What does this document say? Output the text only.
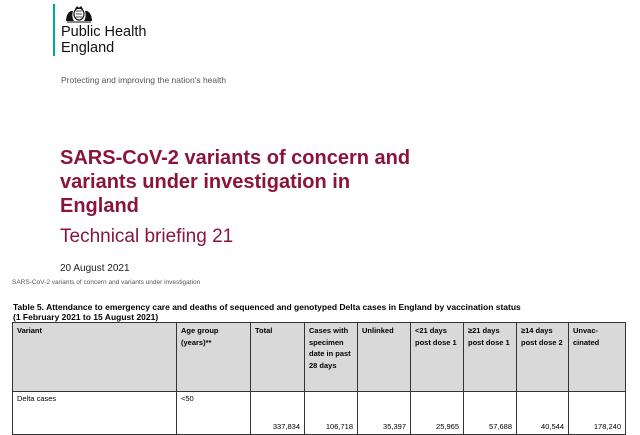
Public Health
England
Protecting and improving the nation's health
SARS-CoV-2 variants of concern and
variants under investigation in
England
Technical briefing 21
20 August 2021
SARS-CoV-2 variants of concern and variants under investigation
Table 5. Attendance to emergency care and deaths of sequenced and genotyped Delta cases in England by vaccination status
(1 February 2021 to 15 August 2021)
Variant	Age group (years)**	Total	Cases with specimen date in past 28 days	Unlinked	<21 days post dose 1	≥21 days post dose 1	≥14 days post dose 2	Unvac-cinated
Delta cases	<50	337,834	106,718	35,397	25,965	57,688	40,544	178,240
